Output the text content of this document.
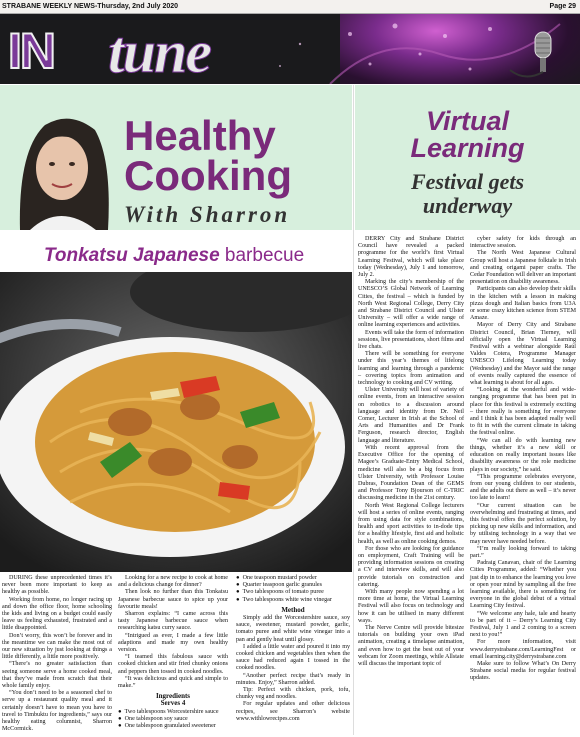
STRABANE WEEKLY NEWS-Thursday, 2nd July 2020	Page 29
IN tune
Healthy
Cooking
With Sharron
Tonkatsu Japanese barbecue

DURING these unprecedented times it’s never been more important to keep as healthy as possible.

Working from home, no longer racing up and down the office floor, home schooling the kids and living on a budget could easily leave us feeling exhausted, frustrated and a little disappointed.

Don’t worry, this won’t be forever and in the meantime we can make the most out of our new situation by just looking at things a little differently, a little more positively.

“There’s no greater satisfaction than seeing someone serve a home cooked meal, that they’ve made from scratch that their whole family enjoy.

“You don’t need to be a seasoned chef to serve up a restaurant quality meal and it certainly doesn’t have to mean you have to travel to Timbuktu for ingredients,” says our healthy eating columnist, Sharron McCormick.

Looking for a new recipe to cook at home and a delicious change for dinner?

Then look no further than this Tonkatsu Japanese barbecue sauce to spice up your favourite meals!

Sharron explains: “I came across this tasty Japanese barbecue sauce when researching katsu curry sauce.

“Intrigued as ever, I made a few little adaptions and made my own healthy version.

“I teamed this fabulous sauce with cooked chicken and stir fried chunky onions and peppers then tossed in cooked noodles.

“It was delicious and quick and simple to make.”

Ingredients
Serves 4
● Two tablespoons Worcestershire sauce
● One tablespoon soy sauce
● One tablespoon granulated sweetener
● One teaspoon mustard powder
● Quarter teaspoon garlic granules
● Two tablespoons of tomato puree
● Two tablespoons white wine vinegar
Method

Simply add the Worcestershire sauce, soy sauce, sweetener, mustard powder, garlic, tomato puree and white wine vinegar into a pan and gently heat until glossy.

I added a little water and poured it into my cooked chicken and vegetables then when the sauce had reduced again I tossed in the cooked noodles.

“Another perfect recipe that’s ready in minutes. Enjoy,” Sharron added.

Tip: Perfect with chicken, pork, tofu, chunky veg and noodles.

For regular updates and other delicious recipes, see Sharron’s website www.withlowrecipes.com

Virtual
Learning
Festival gets
underway

DERRY City and Strabane District Council have revealed a packed programme for the world’s first Virtual Learning Festival, which will take place today (Wednesday), July 1 and tomorrow, July 2.

Marking the city’s membership of the UNESCO’S Global Network of Learning Cities, the festival – which is funded by North West Regional College, Derry City and Strabane District Council and Ulster University – will offer a wide range of online learning experiences and activities.

Events will take the form of information sessions, live presentations, short films and live chats.

There will be something for everyone under this year’s themes of lifelong learning and learning through a pandemic – covering topics from animation and technology to cooking and CV writing.

Ulster University will host of variety of online events, from an interactive session on robotics to a discussion around language and identity from Dr. Neil Comer, Lecturer in Irish at the School of Arts and Humanities and Dr Frank Ferguson, research director, English language and literature.

With recent approval from the Executive Office for the opening of Magee’s Graduate-Entry Medical School, medicine will also be a big focus from Ulster University, with Professor Louise Dubras, Foundation Dean of the GEMS and Professor Tony Bjourson of C-TRIC discussing medicine in the 21st century.

North West Regional College lecturers will host a series of online events, ranging from using data for style combinations, health and sport activities to in-dode tips for a healthy lifestyle, first aid and holistic health, as well as online cooking demos.

For those who are looking for guidance on employment, Craft Training will be providing information sessions on creating a CV and interview skills, and will also provide tutorials on construction and catering.

With many people now spending a lot more time at home, the Virtual Learning Festival will also focus on technology and how it can be utilised in many different ways.

The Nerve Centre will provide bitesize tutorials on building your own iPad animation, creating a timelapse animation, and even how to get the best out of your webcam for Zoom meetings, while Allstate will discuss the important topic of

cyber safety for kids through an interactive session.

The North West Japanese Cultural Group will host a Japanese folktale in Irish and creating origami paper crafts. The Cedar Foundation will deliver an important presentation on disability awareness.

Participants can also develop their skills in the kitchen with a lesson in making pizza dough and Italian basics from U3A or some crazy kitchen science from STEM Amaze.

Mayor of Derry City and Strabane District Council, Brian Tierney, will officially open the Virtual Learning Festival with a webinar alongside Raúl Valdes Cotera, Programme Manager UNESCO Lifelong Learning today (Wednesday) and the Mayor said the range of events really captured the essence of what learning is about for all ages.

“Looking at the wonderful and wide-ranging programme that has been put in place for this festival is extremely exciting – there really is something for everyone and I think it has been adapted really well to fit in with the current climate in taking the festival online.

“We can all do with learning new things, whether it’s a new skill or education on really important issues like disability awareness or the role medicine plays in our society,” he said.

“This programme celebrates everyone, from our young children to our students, and the adults out there as well – it’s never too late to learn!

“Our current situation can be overwhelming and frustrating at times, and this festival offers the perfect solution, by picking up new skills and information, and by utilising technology in a way that we may never have needed before.

“I’m really looking forward to taking part.”

Padraig Canavan, chair of the Learning Cities Programme, added: “Whether you just dip in to enhance the learning you love or open your mind by sampling all the free learning available, there is something for everyone in the global debut of a virtual Learning City festival.

“We welcome any hale, tale and hearty to be part of it – Derry’s Learning City Festival, July 1 and 2 coming to a screen next to you!”

For more information, visit www.derrystrabane.com/LearningFest or email learning.city@derrystrabane.com

Make sure to follow What’s On Derry Strabane social media for regular festival updates.
